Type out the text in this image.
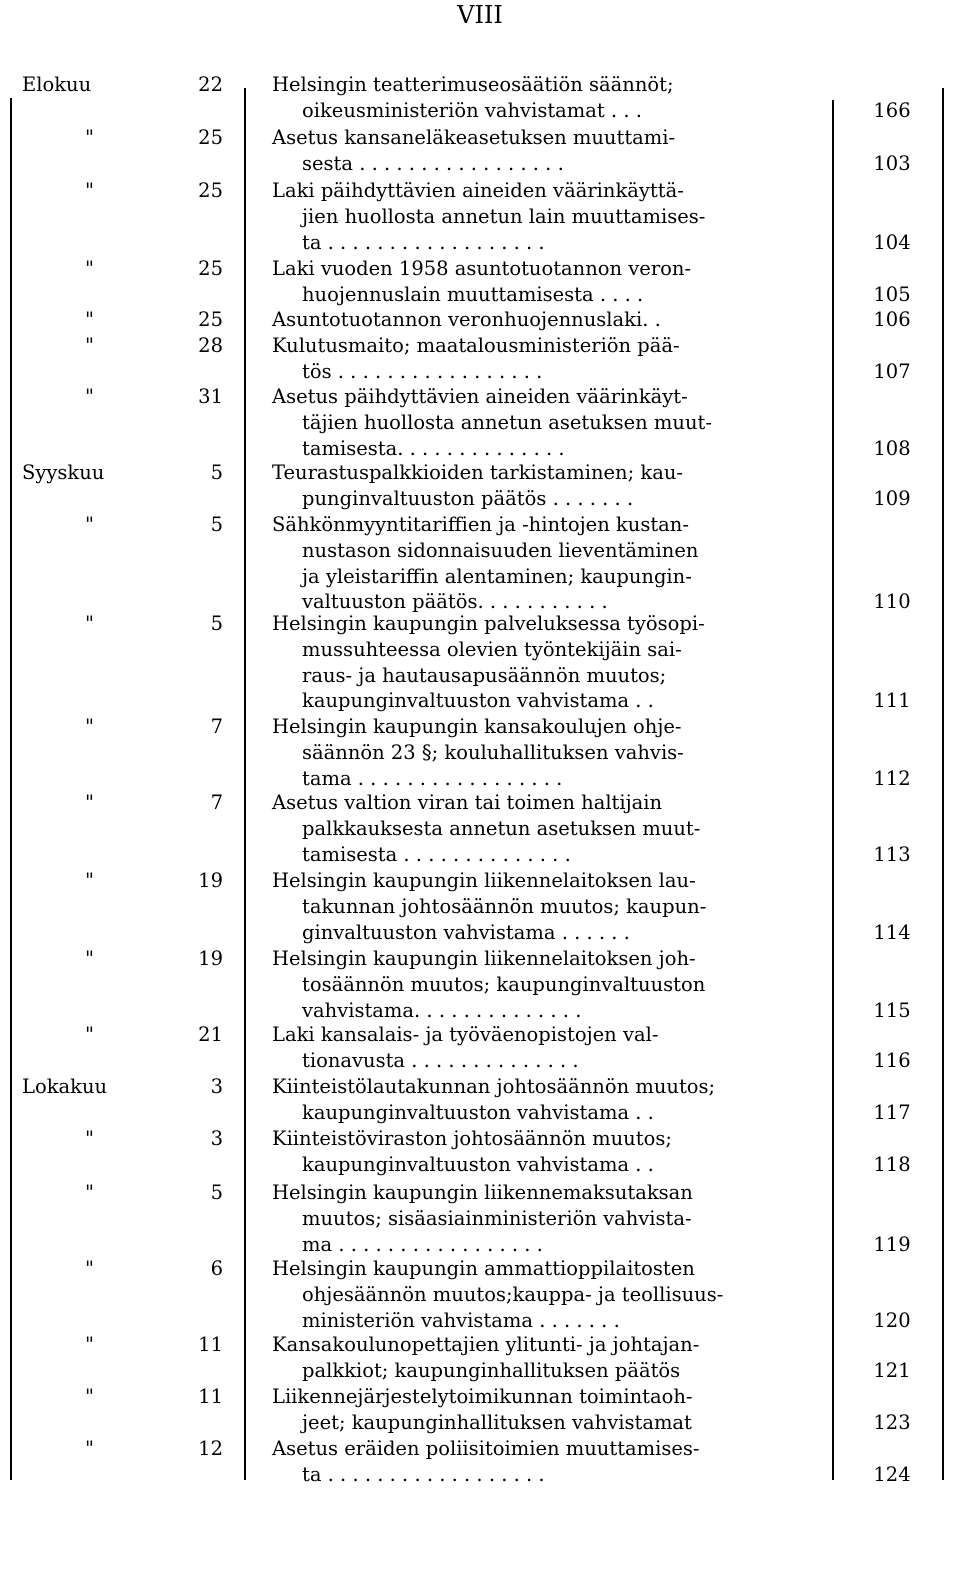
VIII
Elokuu	22	Helsingin teatterimuseosäätiön säännöt;
oikeusministeriön vahvistamat . . .	166
"	25	Asetus kansaneläkeasetuksen muuttami-
sesta . . . . . . . . . . . . . . . . .	103
"	25	Laki päihdyttävien aineiden väärinkäyttä-
jien huollosta annetun lain muuttamises-
ta . . . . . . . . . . . . . . . . . .	104
"	25	Laki vuoden 1958 asuntotuotannon veron-
huojennuslain muuttamisesta . . . .	105
"	25	Asuntotuotannon veronhuojennuslaki. .	106
"	28	Kulutusmaito; maatalousministeriön pää-
tös . . . . . . . . . . . . . . . . .	107
"	31	Asetus päihdyttävien aineiden väärinkäyt-
täjien huollosta annetun asetuksen muut-
tamisesta. . . . . . . . . . . . . .	108
Syyskuu	5	Teurastuspalkkioiden tarkistaminen; kau-
punginvaltuuston päätös . . . . . . .	109
"	5	Sähkönmyyntitariffien ja -hintojen kustan-
nustason sidonnaisuuden lieventäminen
ja yleistariffin alentaminen; kaupungin-
valtuuston päätös. . . . . . . . . . .	110
"	5	Helsingin kaupungin palveluksessa työsopi-
mussuhteessa olevien työntekijäin sai-
raus- ja hautausapusäännön muutos;
kaupunginvaltuuston vahvistama . .	111
"	7	Helsingin kaupungin kansakoulujen ohje-
säännön 23 §; kouluhallituksen vahvis-
tama . . . . . . . . . . . . . . . . .	112
"	7	Asetus valtion viran tai toimen haltijain
palkkauksesta annetun asetuksen muut-
tamisesta . . . . . . . . . . . . . .	113
"	19	Helsingin kaupungin liikennelaitoksen lau-
takunnan johtosäännön muutos; kaupun-
ginvaltuuston vahvistama . . . . . .	114
"	19	Helsingin kaupungin liikennelaitoksen joh-
tosäännön muutos; kaupunginvaltuuston
vahvistama. . . . . . . . . . . . . .	115
"	21	Laki kansalais- ja työväenopistojen val-
tionavusta . . . . . . . . . . . . . .	116
Lokakuu	3	Kiinteistölautakunnan johtosäännön muutos;
kaupunginvaltuuston vahvistama . .	117
"	3	Kiinteistöviraston johtosäännön muutos;
kaupunginvaltuuston vahvistama . .	118
"	5	Helsingin kaupungin liikennemaksutaksan
muutos; sisäasiainministeriön vahvista-
ma . . . . . . . . . . . . . . . . .	119
"	6	Helsingin kaupungin ammattioppilaitosten
ohjesäännön muutos;kauppa- ja teollisuus-
ministeriön vahvistama . . . . . . .	120
"	11	Kansakoulunopettajien ylitunti- ja johtajan-
palkkiot; kaupunginhallituksen päätös	121
"	11	Liikennejärjestelytoimikunnan toimintaoh-
jeet; kaupunginhallituksen vahvistamat	123
"	12	Asetus eräiden poliisitoimien muuttamises-
ta . . . . . . . . . . . . . . . . . .	124
